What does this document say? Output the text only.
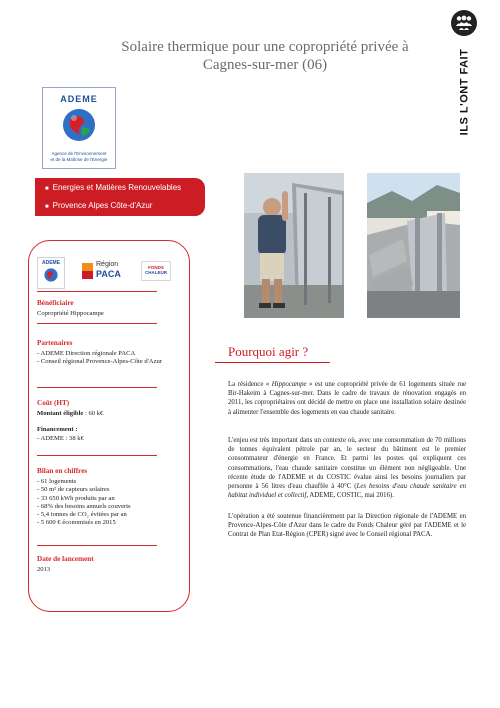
Solaire thermique pour une copropriété privée à
Cagnes-sur-mer (06)	ILS L'ONT FAIT
ADEME
Agence de l'Environnement
et de la Maîtrise de l'Energie
■ Energies et Matières Renouvelables
■ Provence Alpes Côte-d'Azur
ADEME	Région
PACA
FONDS
CHALEUR
Bénéficiaire
Copropriété Hippocampe
Partenaires
- ADEME Direction régionale PACA
- Conseil régional Provence-Alpes-Côte d'Azur
Coût (HT)
Montant éligible : 60 k€
Financement :
- ADEME : 38 k€
Bilan en chiffres
- 61 logements
- 50 m² de capteurs solaires
- 33 650 kWh produits par an
- 68% des besoins annuels couverts
- 5,4 tonnes de CO₂ évitées par an
- 5 600 € économisés en 2015
Date de lancement
2013
Pourquoi agir ?
La résidence « Hippocampe » est une copropriété privée de 61 logements située rue Bir-Hakeim à Cagnes-sur-mer. Dans le cadre de travaux de rénovation engagés en 2011, les copropriétaires ont décidé de mettre en place une installation solaire destinée à alimenter l'ensemble des logements en eau chaude sanitaire.
L'enjeu est très important dans un contexte où, avec une consommation de 70 millions de tonnes équivalent pétrole par an, le secteur du bâtiment est le premier consommateur d'énergie en France. Et parmi les postes qui expliquent ces consommations, l'eau chaude sanitaire constitue un élément non négligeable. Une récente étude de l'ADEME et du COSTIC évalue ainsi les besoins journaliers par personne à 56 litres d'eau chauffée à 40°C (Les besoins d'eau chaude sanitaire en habitat individuel et collectif, ADEME, COSTIC, mai 2016).
L'opération a été soutenue financièrement par la Direction régionale de l'ADEME en Provence-Alpes-Côte d'Azur dans le cadre du Fonds Chaleur géré par l'ADEME et le Contrat de Plan Etat-Région (CPER) signé avec le Conseil régional PACA.
